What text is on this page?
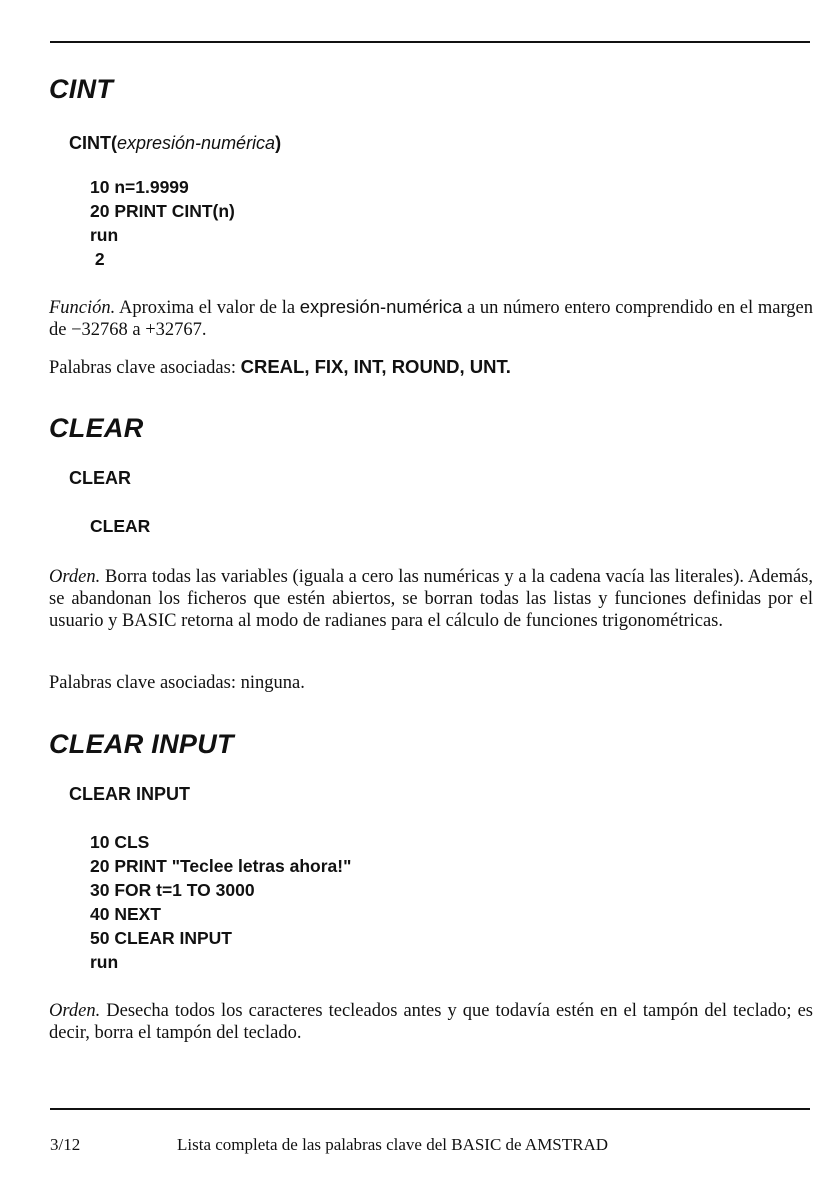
CINT
CINT(expresión-numérica)
10 n=1.9999
20 PRINT CINT(n)
run
2

Función. Aproxima el valor de la expresión-numérica a un número entero comprendido en el margen de −32768 a +32767.

Palabras clave asociadas: CREAL, FIX, INT, ROUND, UNT.

CLEAR
CLEAR
CLEAR

Orden. Borra todas las variables (iguala a cero las numéricas y a la cadena vacía las literales). Además, se abandonan los ficheros que estén abiertos, se borran todas las listas y funciones definidas por el usuario y BASIC retorna al modo de radianes para el cálculo de funciones trigonométricas.

Palabras clave asociadas: ninguna.

CLEAR INPUT
CLEAR INPUT
10 CLS
20 PRINT "Teclee letras ahora!"
30 FOR t=1 TO 3000
40 NEXT
50 CLEAR INPUT
run

Orden. Desecha todos los caracteres tecleados antes y que todavía estén en el tampón del teclado; es decir, borra el tampón del teclado.

3/12	Lista completa de las palabras clave del BASIC de AMSTRAD
